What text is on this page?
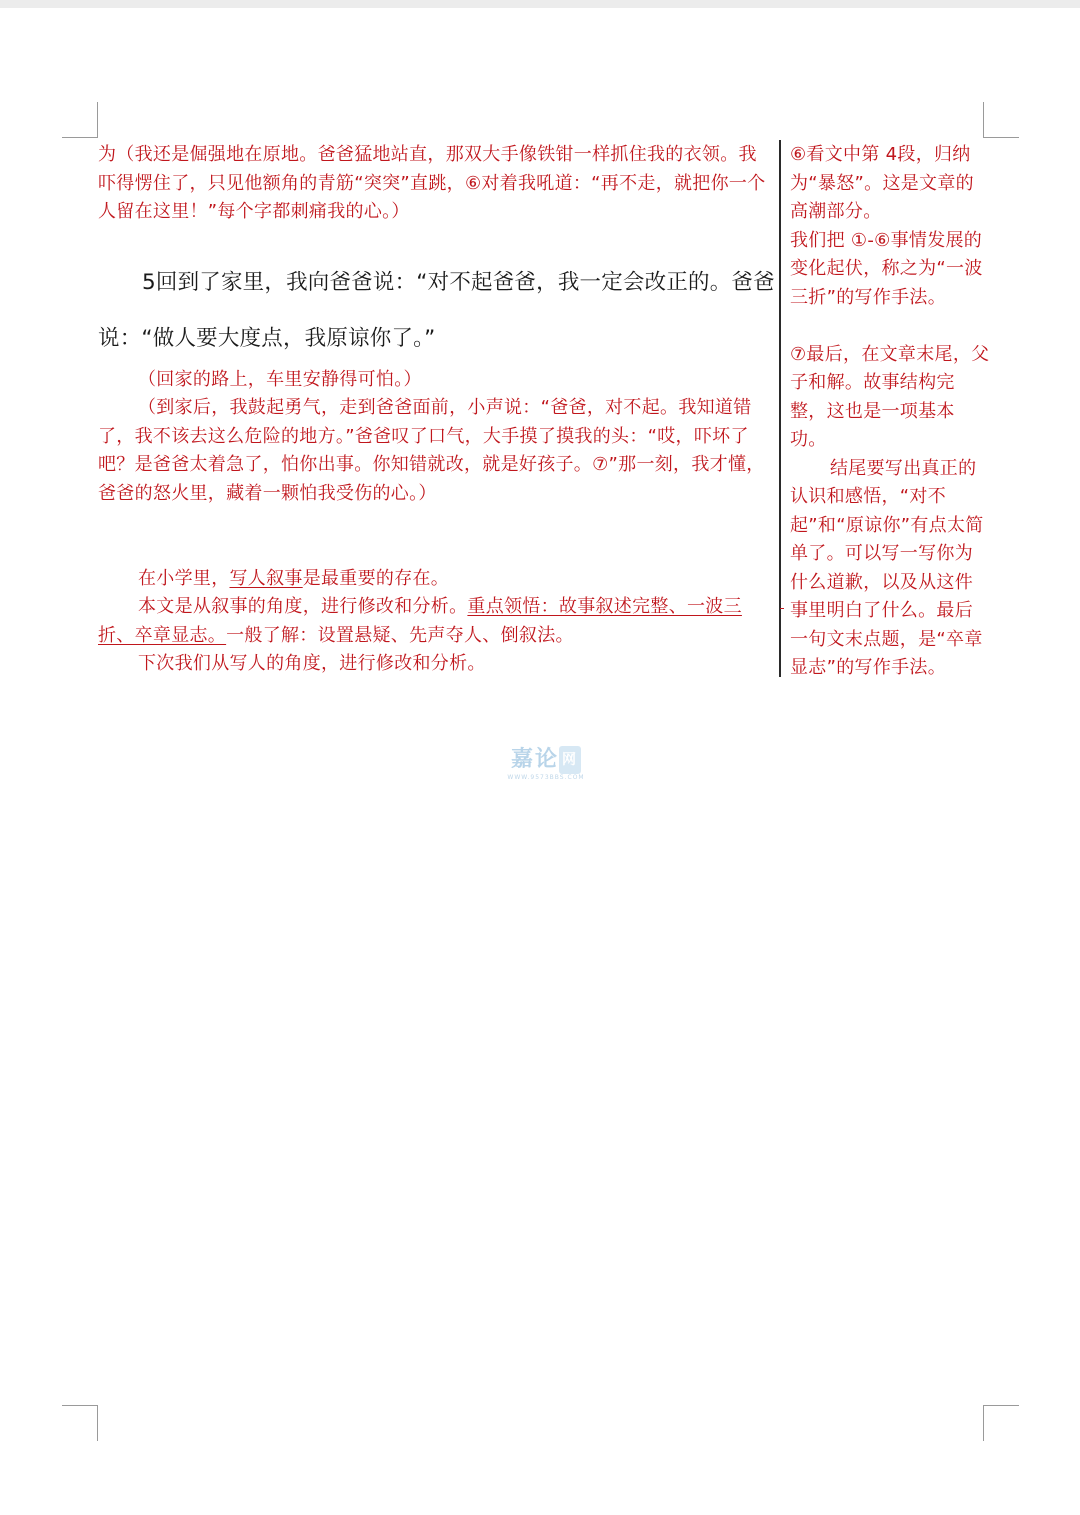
为（我还是倔强地在原地。爸爸猛地站直，那双大手像铁钳一样抓住我的衣领。我吓得愣住了，只见他额角的青筋“突突”直跳，⑥对着我吼道：“再不走，就把你一个人留在这里！”每个字都刺痛我的心。）
5回到了家里，我向爸爸说：“对不起爸爸，我一定会改正的。爸爸
说：“做人要大度点，我原谅你了。”
（回家的路上，车里安静得可怕。）
（到家后，我鼓起勇气，走到爸爸面前，小声说：“爸爸，对不起。我知道错了，我不该去这么危险的地方。”爸爸叹了口气，大手摸了摸我的头：“哎，吓坏了吧？是爸爸太着急了，怕你出事。你知错就改，就是好孩子。⑦”那一刻，我才懂，爸爸的怒火里，藏着一颗怕我受伤的心。）
在小学里，写人叙事是最重要的存在。
本文是从叙事的角度，进行修改和分析。重点领悟：故事叙述完整、一波三折、卒章显志。一般了解：设置悬疑、先声夺人、倒叙法。
下次我们从写人的角度，进行修改和分析。

⑥看文中第 4段，归纳为“暴怒”。这是文章的高潮部分。

我们把 ①-⑥事情发展的变化起伏，称之为“一波三折”的写作手法。

⑦最后，在文章末尾，父子和解。故事结构完整，这也是一项基本功。

结尾要写出真正的认识和感悟，“对不起”和“原谅你”有点太简单了。可以写一写你为什么道歉，以及从这件事里明白了什么。最后一句文末点题，是“卒章显志”的写作手法。

嘉论 网
WWW.9573BBS.COM
